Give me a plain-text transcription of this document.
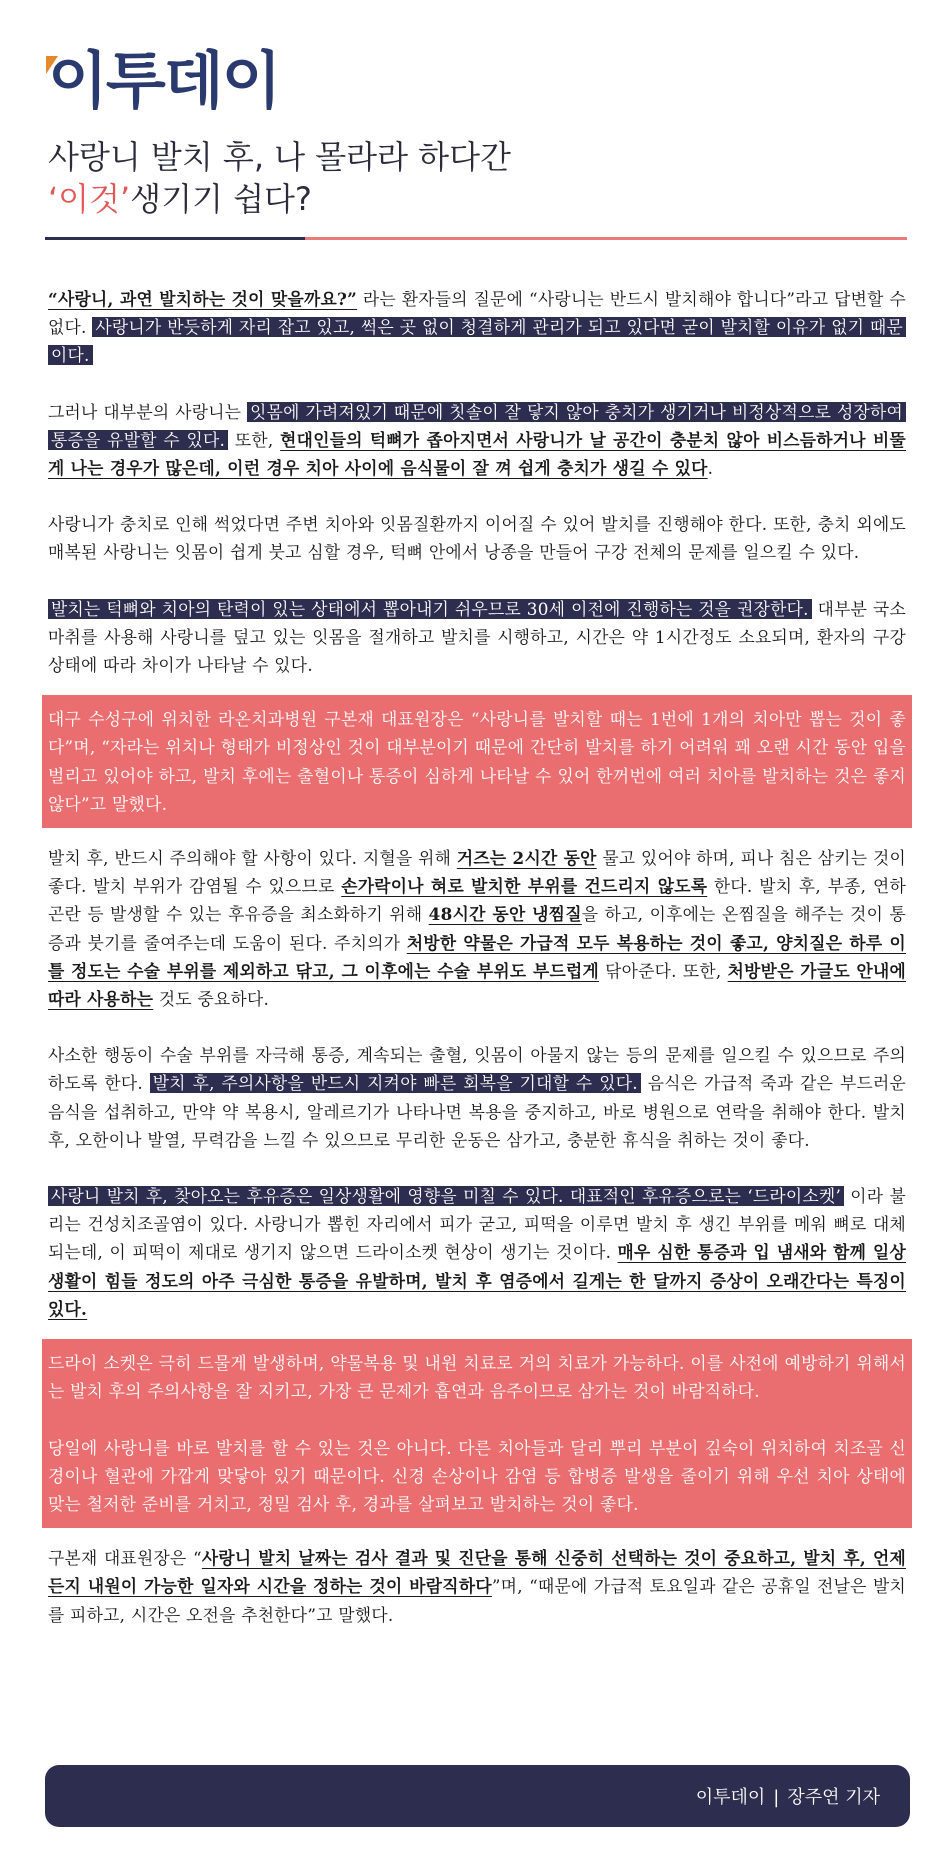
이투데이
사랑니 발치 후, 나 몰라라 하다간
‘이것’생기기 쉽다?

“사랑니, 과연 발치하는 것이 맞을까요?” 라는 환자들의 질문에 “사랑니는 반드시 발치해야 합니다”라고 답변할 수 없다. 사랑니가 반듯하게 자리 잡고 있고, 썩은 곳 없이 청결하게 관리가 되고 있다면 굳이 발치할 이유가 없기 때문이다.

그러나 대부분의 사랑니는 잇몸에 가려져있기 때문에 칫솔이 잘 닿지 않아 충치가 생기거나 비정상적으로 성장하여 통증을 유발할 수 있다. 또한, 현대인들의 턱뼈가 좁아지면서 사랑니가 날 공간이 충분치 않아 비스듬하거나 비뚤게 나는 경우가 많은데, 이런 경우 치아 사이에 음식물이 잘 껴 쉽게 충치가 생길 수 있다.

사랑니가 충치로 인해 썩었다면 주변 치아와 잇몸질환까지 이어질 수 있어 발치를 진행해야 한다. 또한, 충치 외에도 매복된 사랑니는 잇몸이 쉽게 붓고 심할 경우, 턱뼈 안에서 낭종을 만들어 구강 전체의 문제를 일으킬 수 있다.

발치는 턱뼈와 치아의 탄력이 있는 상태에서 뽑아내기 쉬우므로 30세 이전에 진행하는 것을 권장한다. 대부분 국소 마취를 사용해 사랑니를 덮고 있는 잇몸을 절개하고 발치를 시행하고, 시간은 약 1시간정도 소요되며, 환자의 구강 상태에 따라 차이가 나타날 수 있다.

대구 수성구에 위치한 라온치과병원 구본재 대표원장은 “사랑니를 발치할 때는 1번에 1개의 치아만 뽑는 것이 좋다”며, “자라는 위치나 형태가 비정상인 것이 대부분이기 때문에 간단히 발치를 하기 어려워 꽤 오랜 시간 동안 입을 벌리고 있어야 하고, 발치 후에는 출혈이나 통증이 심하게 나타날 수 있어 한꺼번에 여러 치아를 발치하는 것은 좋지 않다”고 말했다.

발치 후, 반드시 주의해야 할 사항이 있다. 지혈을 위해 거즈는 2시간 동안 물고 있어야 하며, 피나 침은 삼키는 것이 좋다. 발치 부위가 감염될 수 있으므로 손가락이나 혀로 발치한 부위를 건드리지 않도록 한다. 발치 후, 부종, 연하곤란 등 발생할 수 있는 후유증을 최소화하기 위해 48시간 동안 냉찜질을 하고, 이후에는 온찜질을 해주는 것이 통증과 붓기를 줄여주는데 도움이 된다. 주치의가 처방한 약물은 가급적 모두 복용하는 것이 좋고, 양치질은 하루 이틀 정도는 수술 부위를 제외하고 닦고, 그 이후에는 수술 부위도 부드럽게 닦아준다. 또한, 처방받은 가글도 안내에 따라 사용하는 것도 중요하다.

사소한 행동이 수술 부위를 자극해 통증, 계속되는 출혈, 잇몸이 아물지 않는 등의 문제를 일으킬 수 있으므로 주의하도록 한다. 발치 후, 주의사항을 반드시 지켜야 빠른 회복을 기대할 수 있다. 음식은 가급적 죽과 같은 부드러운 음식을 섭취하고, 만약 약 복용시, 알레르기가 나타나면 복용을 중지하고, 바로 병원으로 연락을 취해야 한다. 발치 후, 오한이나 발열, 무력감을 느낄 수 있으므로 무리한 운동은 삼가고, 충분한 휴식을 취하는 것이 좋다.

사랑니 발치 후, 찾아오는 후유증은 일상생활에 영향을 미칠 수 있다. 대표적인 후유증으로는 ‘드라이소켓’ 이라 불리는 건성치조골염이 있다. 사랑니가 뽑힌 자리에서 피가 굳고, 피떡을 이루면 발치 후 생긴 부위를 메워 뼈로 대체되는데, 이 피떡이 제대로 생기지 않으면 드라이소켓 현상이 생기는 것이다. 매우 심한 통증과 입 냄새와 함께 일상생활이 힘들 정도의 아주 극심한 통증을 유발하며, 발치 후 염증에서 길게는 한 달까지 증상이 오래간다는 특징이 있다.

드라이 소켓은 극히 드물게 발생하며, 약물복용 및 내원 치료로 거의 치료가 가능하다. 이를 사전에 예방하기 위해서는 발치 후의 주의사항을 잘 지키고, 가장 큰 문제가 흡연과 음주이므로 삼가는 것이 바람직하다.

당일에 사랑니를 바로 발치를 할 수 있는 것은 아니다. 다른 치아들과 달리 뿌리 부분이 깊숙이 위치하여 치조골 신경이나 혈관에 가깝게 맞닿아 있기 때문이다. 신경 손상이나 감염 등 합병증 발생을 줄이기 위해 우선 치아 상태에 맞는 철저한 준비를 거치고, 정밀 검사 후, 경과를 살펴보고 발치하는 것이 좋다.

구본재 대표원장은 “사랑니 발치 날짜는 검사 결과 및 진단을 통해 신중히 선택하는 것이 중요하고, 발치 후, 언제든지 내원이 가능한 일자와 시간을 정하는 것이 바람직하다”며, “때문에 가급적 토요일과 같은 공휴일 전날은 발치를 피하고, 시간은 오전을 추천한다”고 말했다.

이투데이 | 장주연 기자
